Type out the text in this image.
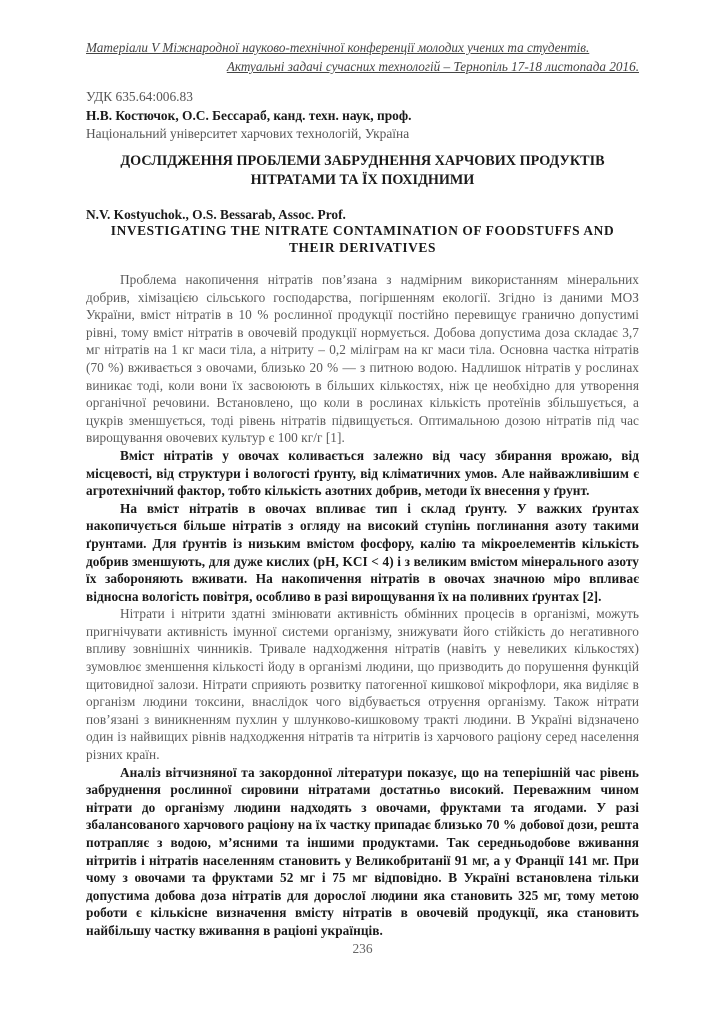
Матеріали V Міжнародної науково-технічної конференції молодих учених та студентів.
Актуальні задачі сучасних технологій – Тернопіль 17-18 листопада 2016.
УДК 635.64:006.83
Н.В. Костючок, О.С. Бессараб, канд. техн. наук, проф.
Національний університет харчових технологій, Україна
ДОСЛІДЖЕННЯ ПРОБЛЕМИ ЗАБРУДНЕННЯ ХАРЧОВИХ ПРОДУКТІВ НІТРАТАМИ ТА ЇХ ПОХІДНИМИ
N.V. Kostyuchok., O.S. Bessarab, Assoc. Prof.
INVESTIGATING THE NITRATE CONTAMINATION OF FOODSTUFFS AND THEIR DERIVATIVES

Проблема накопичення нітратів пов’язана з надмірним використанням мінеральних добрив, хімізацією сільського господарства, погіршенням екології. Згідно із даними МОЗ України, вміст нітратів в 10 % рослинної продукції постійно перевищує гранично допустимі рівні, тому вміст нітратів в овочевій продукції нормується. Добова допустима доза складає 3,7 мг нітратів на 1 кг маси тіла, а нітриту – 0,2 міліграм на кг маси тіла. Основна частка нітратів (70 %) вживається з овочами, близько 20 % — з питною водою. Надлишок нітратів у рослинах виникає тоді, коли вони їх засвоюють в більших кількостях, ніж це необхідно для утворення органічної речовини. Встановлено, що коли в рослинах кількість протеїнів збільшується, а цукрів зменшується, тоді рівень нітратів підвищується. Оптимальною дозою нітратів під час вирощування овочевих культур є 100 кг/г [1].

Вміст нітратів у овочах коливається залежно від часу збирання врожаю, від місцевості, від структури і вологості ґрунту, від кліматичних умов. Але найважливішим є агротехнічний фактор, тобто кількість азотних добрив, методи їх внесення у ґрунт.

На вміст нітратів в овочах впливає тип і склад ґрунту. У важких ґрунтах накопичується більше нітратів з огляду на високий ступінь поглинання азоту такими ґрунтами. Для ґрунтів із низьким вмістом фосфору, калію та мікроелементів кількість добрив зменшують, для дуже кислих (pH, KCI < 4) і з великим вмістом мінерального азоту їх забороняють вживати. На накопичення нітратів в овочах значною міро впливає відносна вологість повітря, особливо в разі вирощування їх на поливних ґрунтах [2].

Нітрати і нітрити здатні змінювати активність обмінних процесів в організмі, можуть пригнічувати активність імунної системи організму, знижувати його стійкість до негативного впливу зовнішніх чинників. Тривале надходження нітратів (навіть у невеликих кількостях) зумовлює зменшення кількості йоду в організмі людини, що призводить до порушення функцій щитовидної залози. Нітрати сприяють розвитку патогенної кишкової мікрофлори, яка виділяє в організм людини токсини, внаслідок чого відбувається отруєння організму. Також нітрати пов’язані з виникненням пухлин у шлунково-кишковому тракті людини. В Україні відзначено один із найвищих рівнів надходження нітратів та нітритів із харчового раціону серед населення різних країн.

Аналіз вітчизняної та закордонної літератури показує, що на теперішній час рівень забруднення рослинної сировини нітратами достатньо високий. Переважним чином нітрати до організму людини надходять з овочами, фруктами та ягодами. У разі збалансованого харчового раціону на їх частку припадає близько 70 % добової дози, решта потрапляє з водою, м’ясними та іншими продуктами. Так середньодобове вживання нітритів і нітратів населенням становить у Великобританії 91 мг, а у Франції 141 мг. При чому з овочами та фруктами 52 мг і 75 мг відповідно. В Україні встановлена тільки допустима добова доза нітратів для дорослої людини яка становить 325 мг, тому метою роботи є кількісне визначення вмісту нітратів в овочевій продукції, яка становить найбільшу частку вживання в раціоні українців.

236
